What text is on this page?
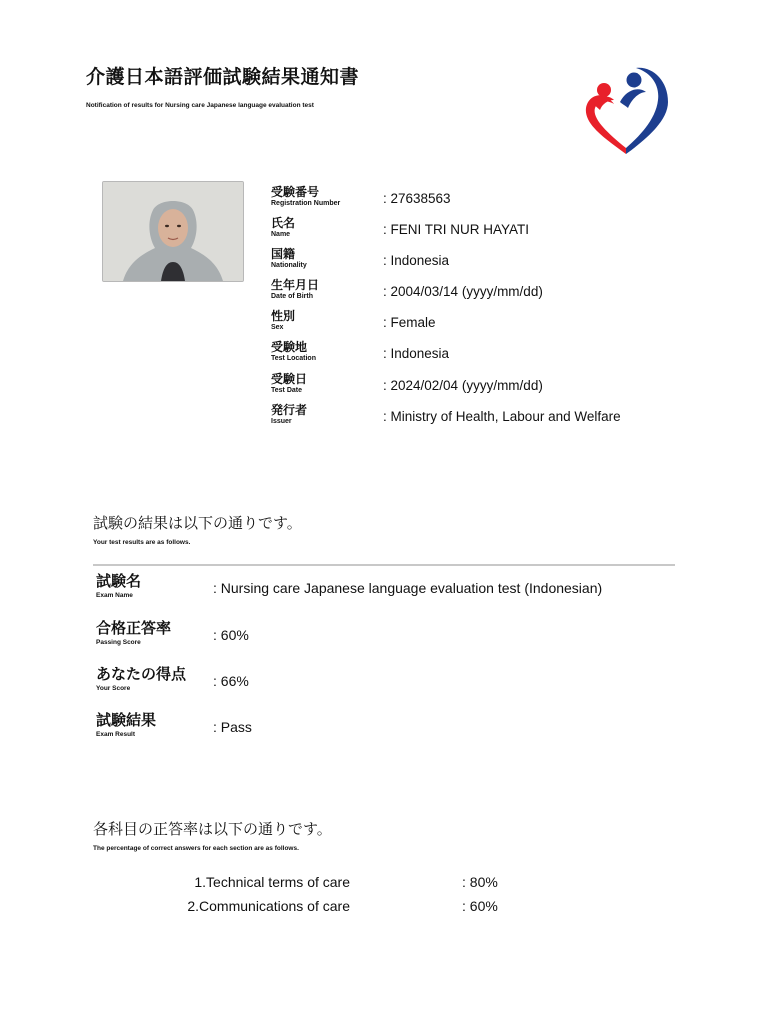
介護日本語評価試験結果通知書
Notification of results for Nursing care Japanese language evaluation test
受験番号
Registration Number	: 27638563
氏名
Name	: FENI TRI NUR HAYATI
国籍
Nationality	: Indonesia
生年月日
Date of Birth	: 2004/03/14 (yyyy/mm/dd)
性別
Sex	: Female
受験地
Test Location	: Indonesia
受験日
Test Date	: 2024/02/04 (yyyy/mm/dd)
発行者
Issuer	: Ministry of Health, Labour and Welfare
試験の結果は以下の通りです。
Your test results are as follows.
試験名
Exam Name	: Nursing care Japanese language evaluation test (Indonesian)
合格正答率
Passing Score	: 60%
あなたの得点
Your Score	: 66%
試験結果
Exam Result	: Pass
各科目の正答率は以下の通りです。
The percentage of correct answers for each section are as follows.
1.Technical terms of care	: 80%
2.Communications of care	: 60%
